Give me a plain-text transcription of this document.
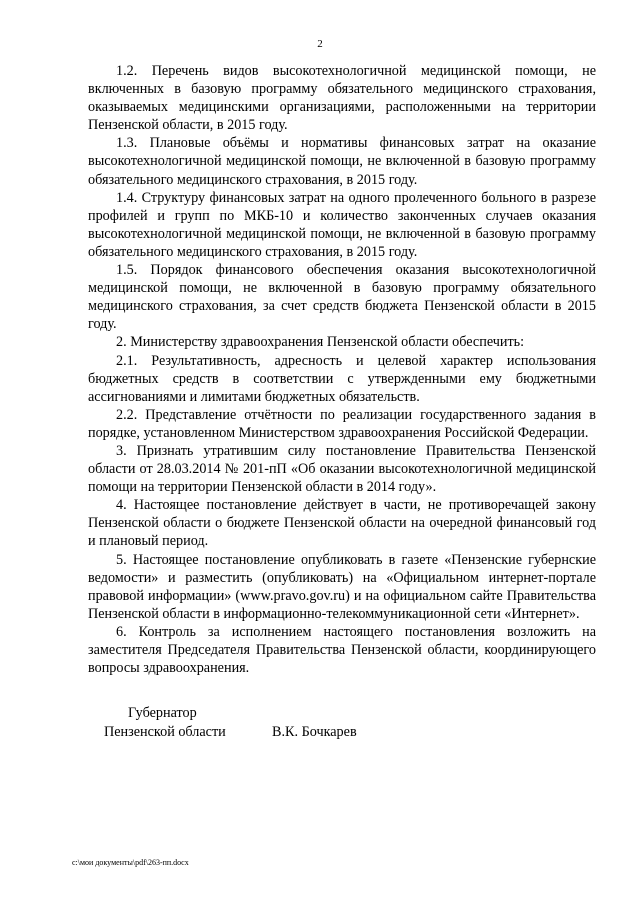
2

1.2. Перечень видов высокотехнологичной медицинской помощи, не включенных в базовую программу обязательного медицинского страхования, оказываемых медицинскими организациями, расположенными на территории Пензенской области, в 2015 году.

1.3. Плановые объёмы и нормативы финансовых затрат на оказание высокотехнологичной медицинской помощи, не включенной в базовую программу обязательного медицинского страхования, в 2015 году.

1.4. Структуру финансовых затрат на одного пролеченного больного в разрезе профилей и групп по МКБ-10 и количество законченных случаев оказания высокотехнологичной медицинской помощи, не включенной в базовую программу обязательного медицинского страхования, в 2015 году.

1.5. Порядок финансового обеспечения оказания высокотехнологичной медицинской помощи, не включенной в базовую программу обязательного медицинского страхования, за счет средств бюджета Пензенской области в 2015 году.

2. Министерству здравоохранения Пензенской области обеспечить:

2.1. Результативность, адресность и целевой характер использования бюджетных средств в соответствии с утвержденными ему бюджетными ассигнованиями и лимитами бюджетных обязательств.

2.2. Представление отчётности по реализации государственного задания в порядке, установленном Министерством здравоохранения Российской Федерации.

3. Признать утратившим силу постановление Правительства Пензенской области от 28.03.2014 № 201-пП «Об оказании высокотехнологичной медицинской помощи на территории Пензенской области в 2014 году».

4. Настоящее постановление действует в части, не противоречащей закону Пензенской области о бюджете Пензенской области на очередной финансовый год и плановый период.

5. Настоящее постановление опубликовать в газете «Пензенские губернские ведомости» и разместить (опубликовать) на «Официальном интернет-портале правовой информации» (www.pravo.gov.ru) и на официальном сайте Правительства Пензенской области в информационно-телекоммуникационной сети «Интернет».

6. Контроль за исполнением настоящего постановления возложить на заместителя Председателя Правительства Пензенской области, координирующего вопросы здравоохранения.

Губернатор
Пензенской области	В.К. Бочкарев
c:\мои документы\pdf\263-пп.docx
